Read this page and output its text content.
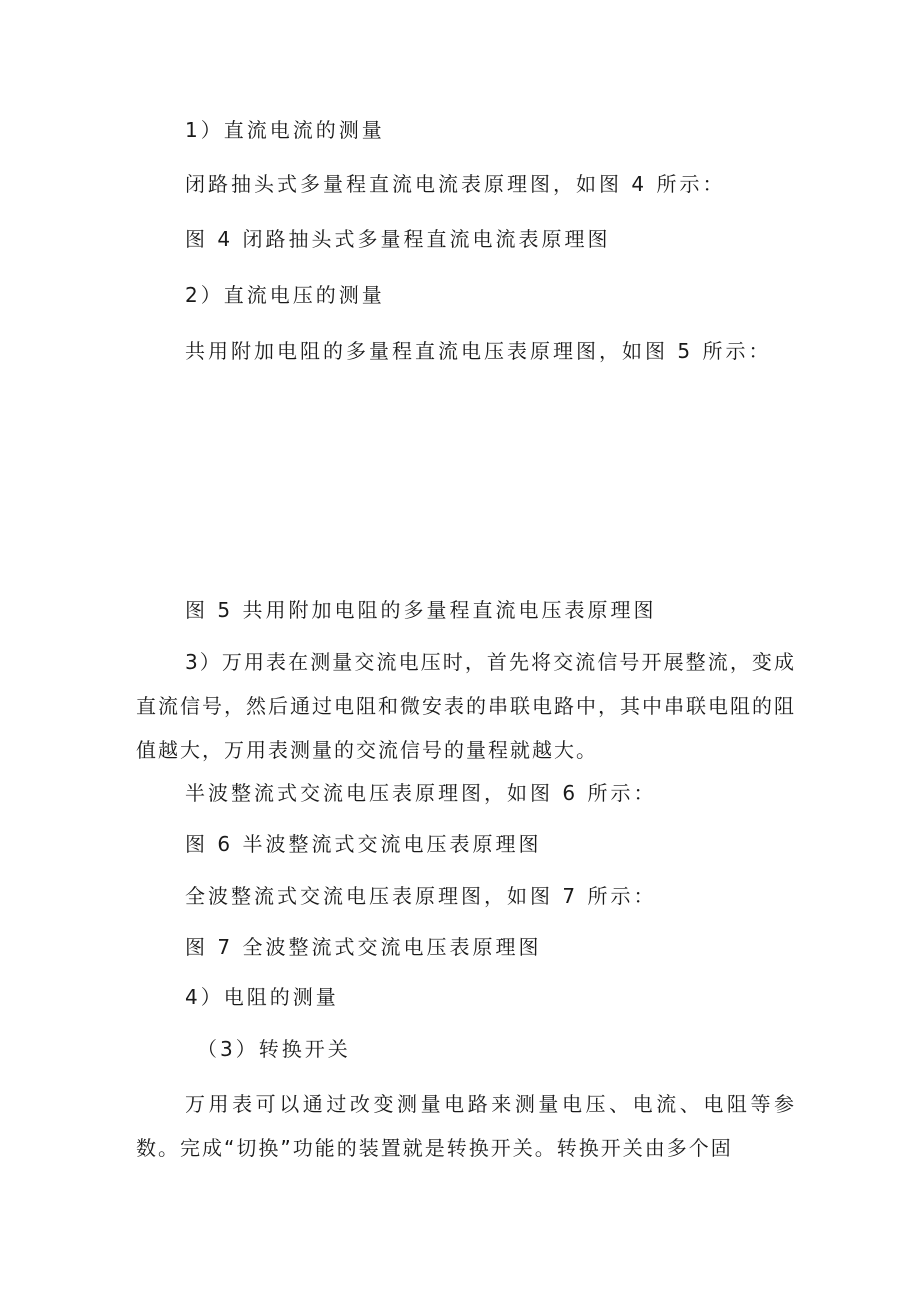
1）直流电流的测量
闭路抽头式多量程直流电流表原理图，如图 4 所示：
图 4 闭路抽头式多量程直流电流表原理图
2）直流电压的测量
共用附加电阻的多量程直流电压表原理图，如图 5 所示：
图 5 共用附加电阻的多量程直流电压表原理图
3）万用表在测量交流电压时，首先将交流信号开展整流，变成直流信号，然后通过电阻和微安表的串联电路中，其中串联电阻的阻值越大，万用表测量的交流信号的量程就越大。
半波整流式交流电压表原理图，如图 6 所示：
图 6 半波整流式交流电压表原理图
全波整流式交流电压表原理图，如图 7 所示：
图 7 全波整流式交流电压表原理图
4）电阻的测量
（3）转换开关
万用表可以通过改变测量电路来测量电压、电流、电阻等参数。完成“切换”功能的装置就是转换开关。转换开关由多个固
